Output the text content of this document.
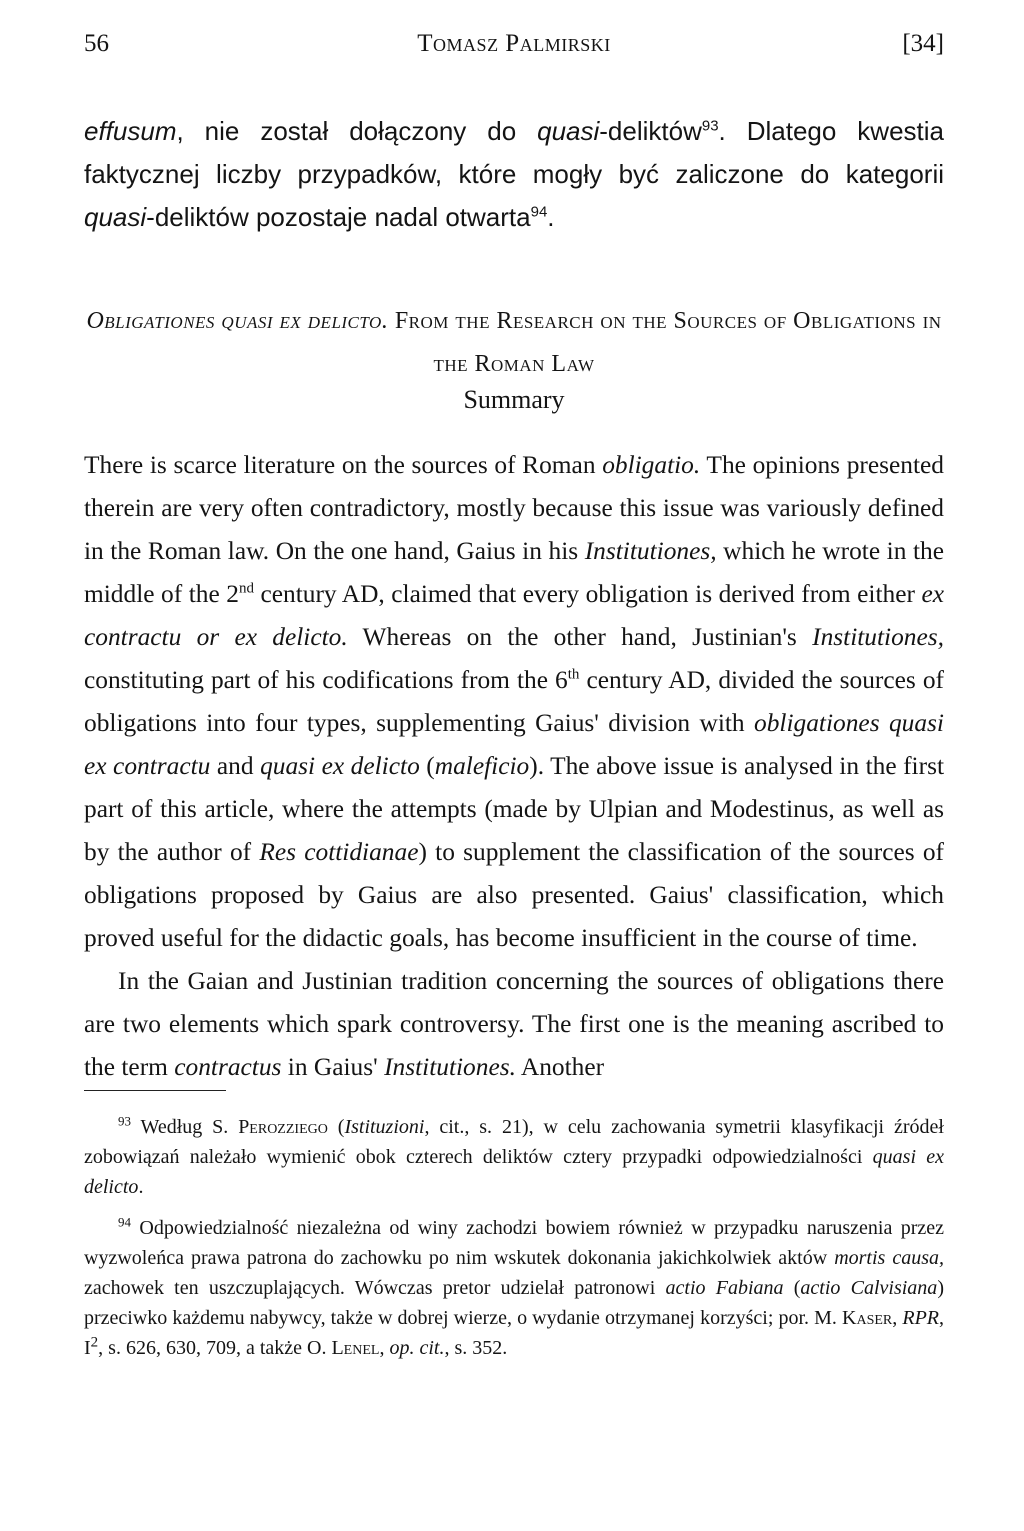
56	Tomasz Palmirski	[34]

effusum, nie został dołączony do quasi-deliktów$^{93}$. Dlatego kwestia faktycznej liczby przypadków, które mogły być zaliczone do kategorii quasi-deliktów pozostaje nadal otwarta$^{94}$.

Obligationes quasi ex delicto. From the Research on the Sources of Obligations in the Roman Law

Summary

There is scarce literature on the sources of Roman obligatio. The opinions presented therein are very often contradictory, mostly because this issue was variously defined in the Roman law. On the one hand, Gaius in his Institutiones, which he wrote in the middle of the 2nd century AD, claimed that every obligation is derived from either ex contractu or ex delicto. Whereas on the other hand, Justinian's Institutiones, constituting part of his codifications from the 6th century AD, divided the sources of obligations into four types, supplementing Gaius' division with obligationes quasi ex contractu and quasi ex delicto (maleficio). The above issue is analysed in the first part of this article, where the attempts (made by Ulpian and Modestinus, as well as by the author of Res cottidianae) to supplement the classification of the sources of obligations proposed by Gaius are also presented. Gaius' classification, which proved useful for the didactic goals, has become insufficient in the course of time.

In the Gaian and Justinian tradition concerning the sources of obligations there are two elements which spark controversy. The first one is the meaning ascribed to the term contractus in Gaius' Institutiones. Another

$^{93}$ Według S. Perozziego (Istituzioni, cit., s. 21), w celu zachowania symetrii klasyfikacji źródeł zobowiązań należało wymienić obok czterech deliktów cztery przypadki odpowiedzialności quasi ex delicto.

$^{94}$ Odpowiedzialność niezależna od winy zachodzi bowiem również w przypadku naruszenia przez wyzwoleńca prawa patrona do zachowku po nim wskutek dokonania jakichkolwiek aktów mortis causa, zachowek ten uszczuplających. Wówczas pretor udzielał patronowi actio Fabiana (actio Calvisiana) przeciwko każdemu nabywcy, także w dobrej wierze, o wydanie otrzymanej korzyści; por. M. Kaser, RPR, $I^2$, s. 626, 630, 709, a także O. Lenel, op. cit., s. 352.
